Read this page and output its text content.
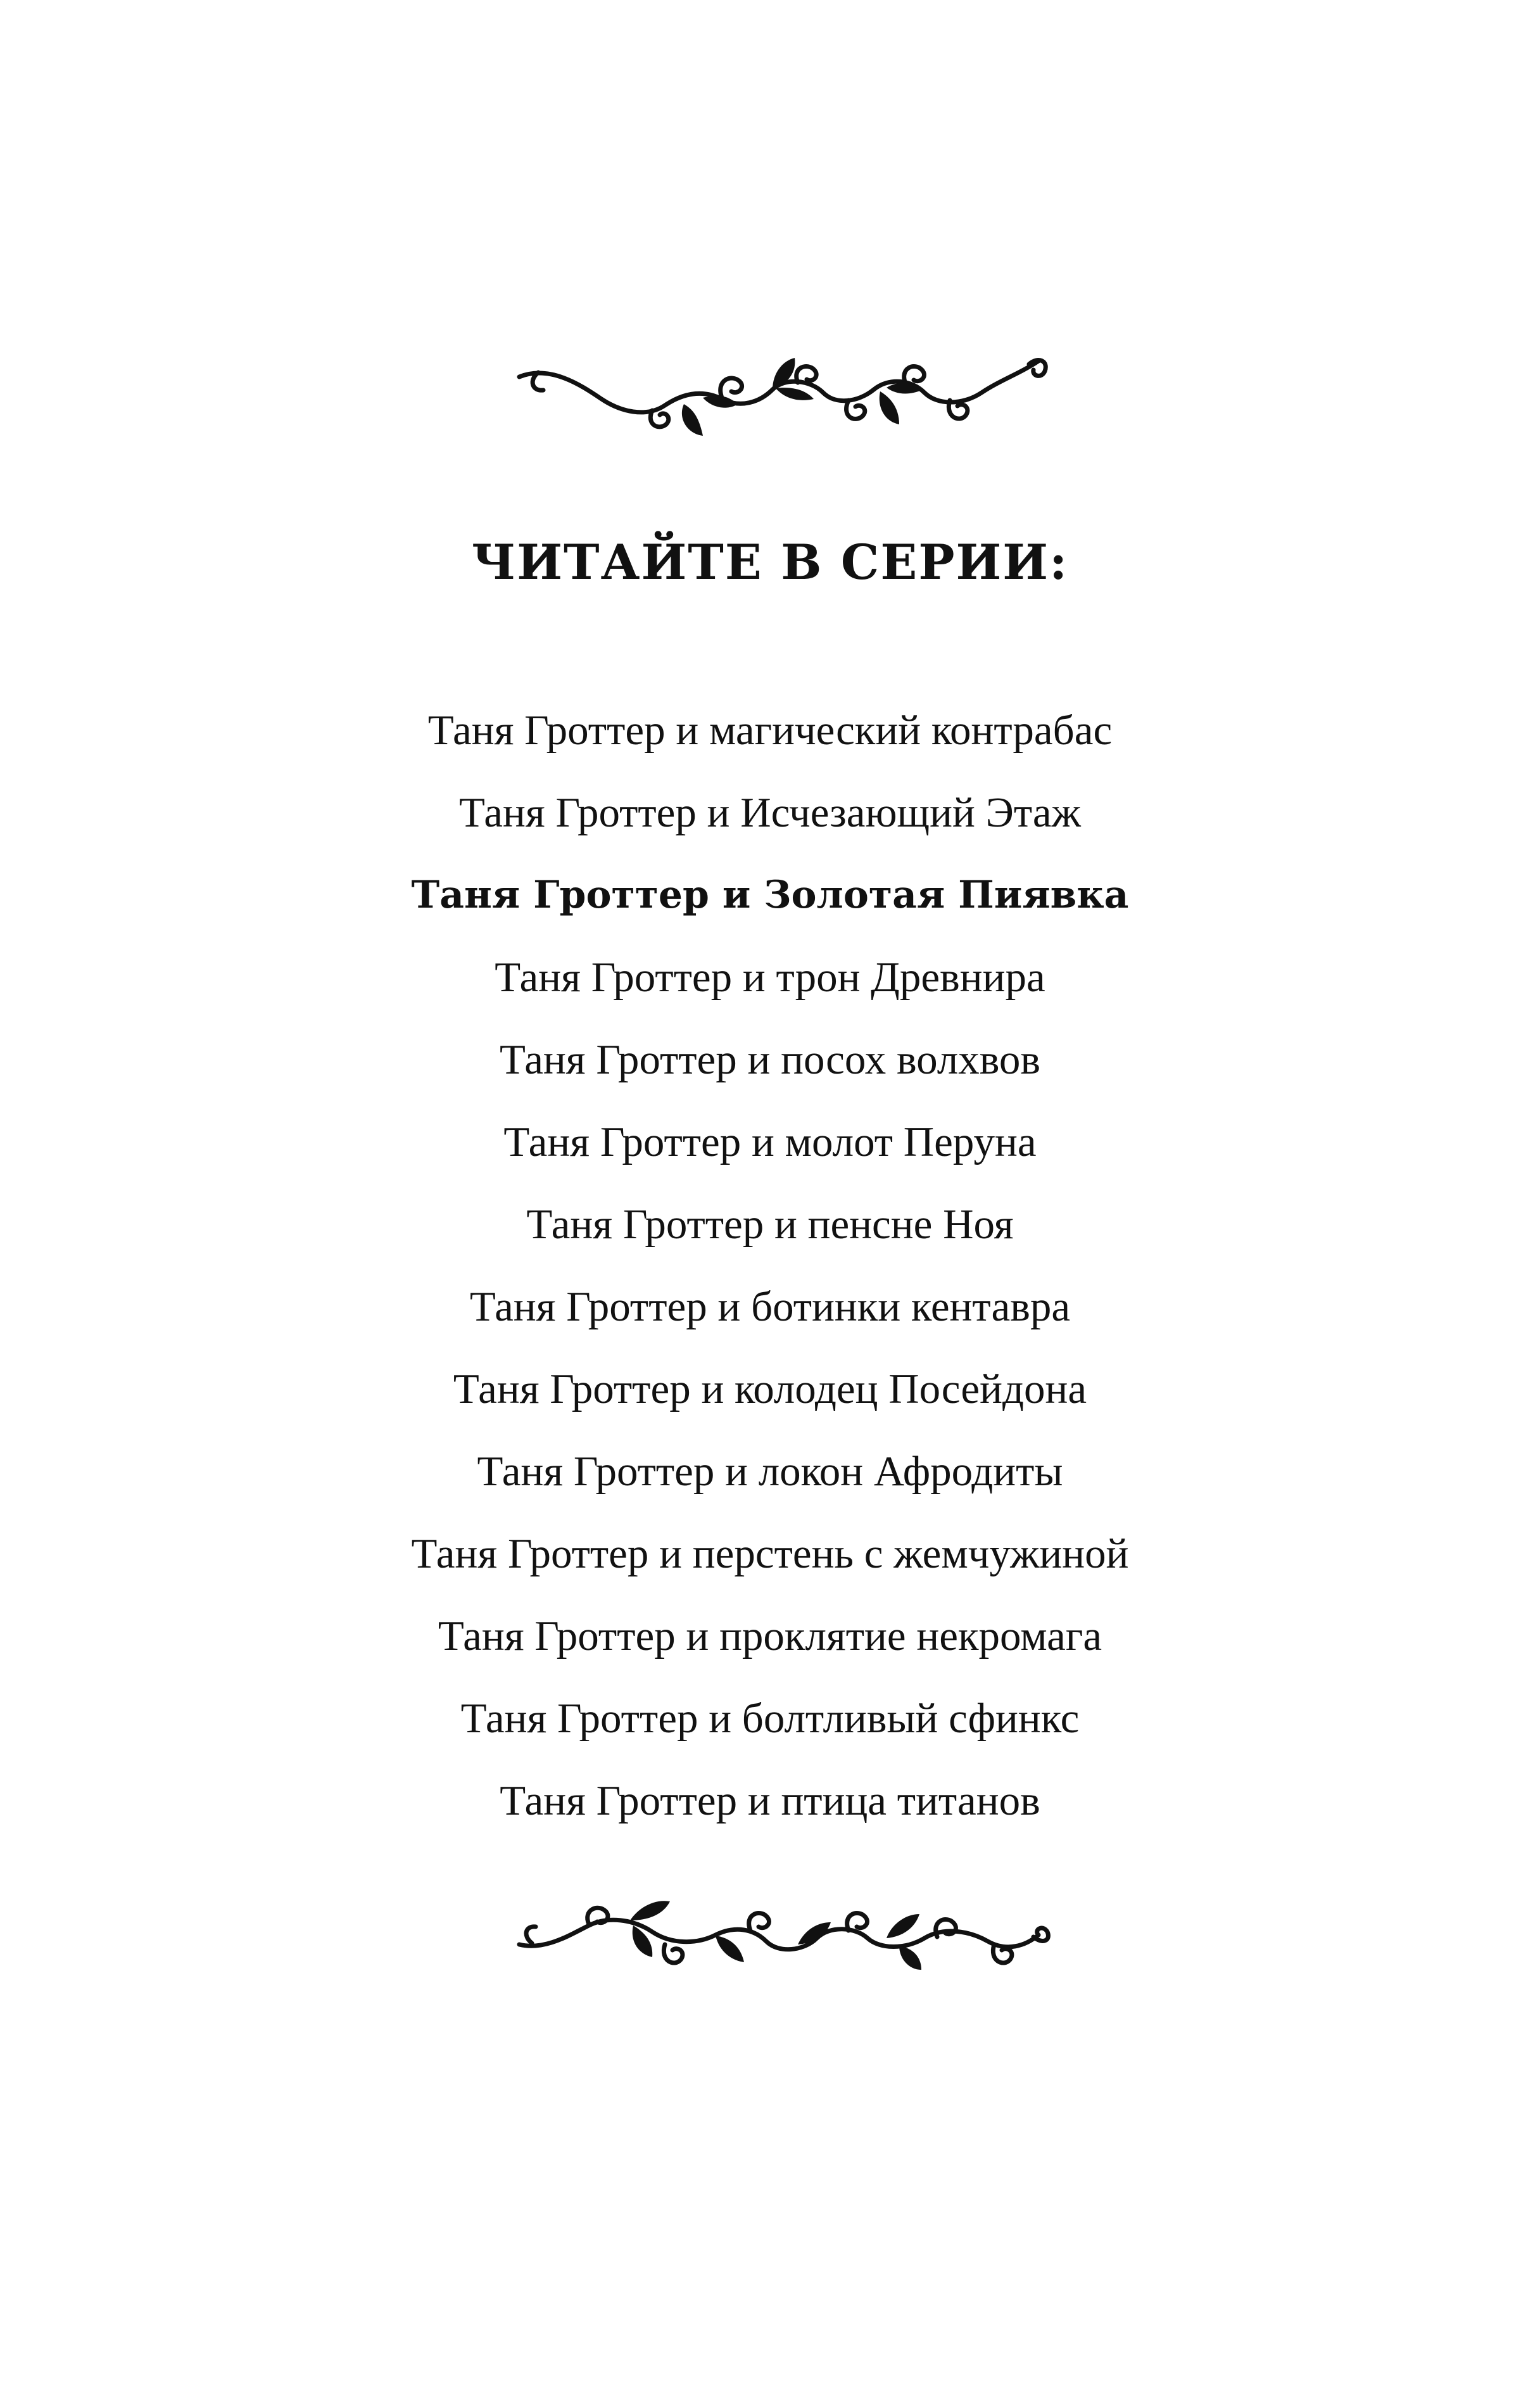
ЧИТАЙТЕ В СЕРИИ:
Таня Гроттер и магический контрабас
Таня Гроттер и Исчезающий Этаж
Таня Гроттер и Золотая Пиявка
Таня Гроттер и трон Древнира
Таня Гроттер и посох волхвов
Таня Гроттер и молот Перуна
Таня Гроттер и пенсне Ноя
Таня Гроттер и ботинки кентавра
Таня Гроттер и колодец Посейдона
Таня Гроттер и локон Афродиты
Таня Гроттер и перстень с жемчужиной
Таня Гроттер и проклятие некромага
Таня Гроттер и болтливый сфинкс
Таня Гроттер и птица титанов
